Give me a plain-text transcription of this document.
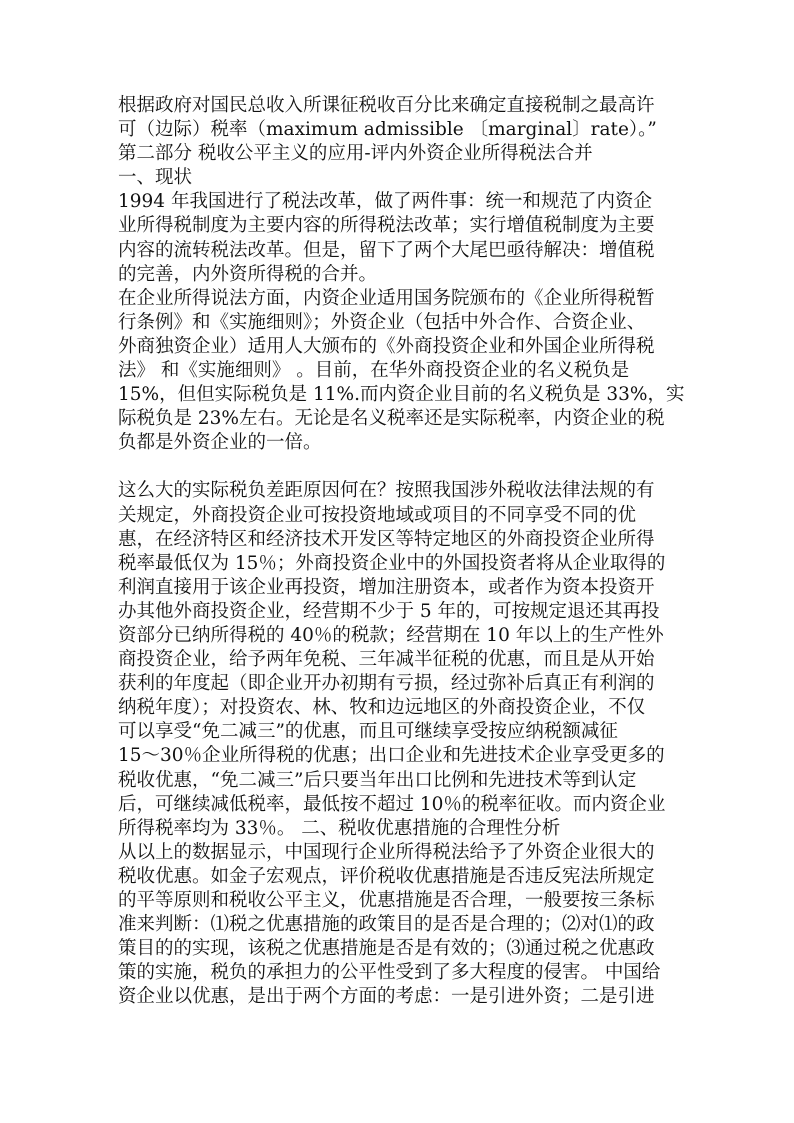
根据政府对国民总收入所课征税收百分比来确定直接税制之最高许
可（边际）税率（maximum admissible 〔marginal〕rate）。”
第二部分 税收公平主义的应用-评内外资企业所得税法合并
一、现状
1994 年我国进行了税法改革，做了两件事：统一和规范了内资企
业所得税制度为主要内容的所得税法改革；实行增值税制度为主要
内容的流转税法改革。但是，留下了两个大尾巴亟待解决：增值税
的完善，内外资所得税的合并。
在企业所得说法方面，内资企业适用国务院颁布的《企业所得税暂
行条例》和《实施细则》；外资企业（包括中外合作、合资企业、
外商独资企业）适用人大颁布的《外商投资企业和外国企业所得税
法》 和《实施细则》 。目前，在华外商投资企业的名义税负是
15%，但但实际税负是 11%.而内资企业目前的名义税负是 33%，实
际税负是 23%左右。无论是名义税率还是实际税率，内资企业的税
负都是外资企业的一倍。
这么大的实际税负差距原因何在？按照我国涉外税收法律法规的有
关规定，外商投资企业可按投资地域或项目的不同享受不同的优
惠，在经济特区和经济技术开发区等特定地区的外商投资企业所得
税率最低仅为 15％；外商投资企业中的外国投资者将从企业取得的
利润直接用于该企业再投资，增加注册资本，或者作为资本投资开
办其他外商投资企业，经营期不少于 5 年的，可按规定退还其再投
资部分已纳所得税的 40％的税款；经营期在 10 年以上的生产性外
商投资企业，给予两年免税、三年减半征税的优惠，而且是从开始
获利的年度起（即企业开办初期有亏损，经过弥补后真正有利润的
纳税年度）；对投资农、林、牧和边远地区的外商投资企业，不仅
可以享受“免二减三”的优惠，而且可继续享受按应纳税额减征
15～30％企业所得税的优惠；出口企业和先进技术企业享受更多的
税收优惠，“免二减三”后只要当年出口比例和先进技术等到认定
后，可继续减低税率，最低按不超过 10％的税率征收。而内资企业
所得税率均为 33％。 二、税收优惠措施的合理性分析
从以上的数据显示，中国现行企业所得税法给予了外资企业很大的
税收优惠。如金子宏观点，评价税收优惠措施是否违反宪法所规定
的平等原则和税收公平主义，优惠措施是否合理，一般要按三条标
准来判断：⑴税之优惠措施的政策目的是否是合理的；⑵对⑴的政
策目的的实现，该税之优惠措施是否是有效的；⑶通过税之优惠政
策的实施，税负的承担力的公平性受到了多大程度的侵害。 中国给
资企业以优惠，是出于两个方面的考虑：一是引进外资；二是引进
